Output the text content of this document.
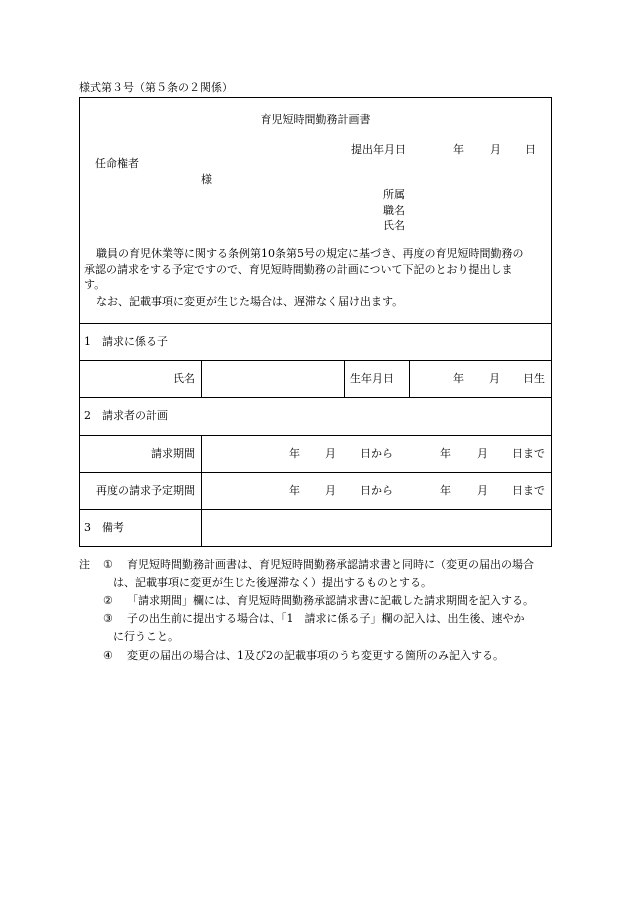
様式第３号（第５条の２関係）
育児短時間勤務計画書
提出年月日	年 月 日
任命権者
様
所属
職名
氏名
職員の育児休業等に関する条例第10条第5号の規定に基づき、再度の育児短時間勤務の
承認の請求をする予定ですので、育児短時間勤務の計画について下記のとおり提出しま
す。
なお、記載事項に変更が生じた場合は、遅滞なく届け出ます。
1　請求に係る子
氏名	生年月日	年 月 日生
2　請求者の計画
請求期間	年 月 日から	年 月 日まで
再度の請求予定期間	年 月 日から	年 月 日まで
3　備考
注 ① 育児短時間勤務計画書は、育児短時間勤務承認請求書と同時に（変更の届出の場合
は、記載事項に変更が生じた後遅滞なく）提出するものとする。
② 「請求期間」欄には、育児短時間勤務承認請求書に記載した請求期間を記入する。
③ 子の出生前に提出する場合は、「1　請求に係る子」欄の記入は、出生後、速やか
に行うこと。
④ 変更の届出の場合は、1及び2の記載事項のうち変更する箇所のみ記入する。
